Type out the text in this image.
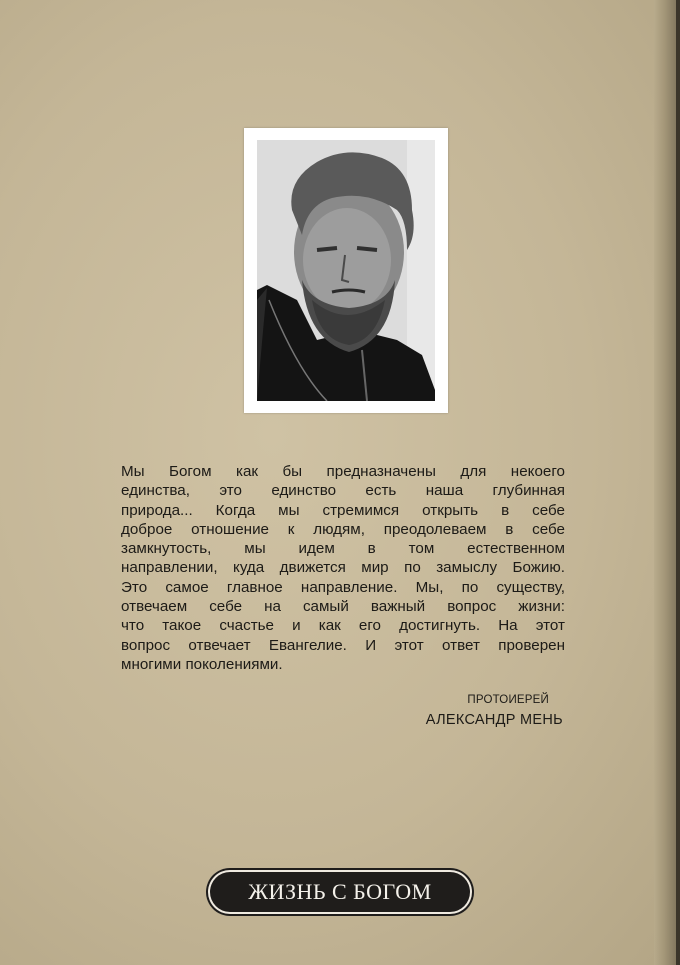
Мы Богом как бы предназначены для некоего
единства, это единство есть наша глубинная
природа... Когда мы стремимся открыть в себе
доброе отношение к людям, преодолеваем в себе
замкнутость, мы идем в том естественном
направлении, куда движется мир по замыслу Божию.
Это самое главное направление. Мы, по существу,
отвечаем себе на самый важный вопрос жизни:
что такое счастье и как его достигнуть. На этот
вопрос отвечает Евангелие. И этот ответ проверен
многими поколениями.
ПРОТОИЕРЕЙ
АЛЕКСАНДР МЕНЬ
ЖИЗНЬ С БОГОМ
